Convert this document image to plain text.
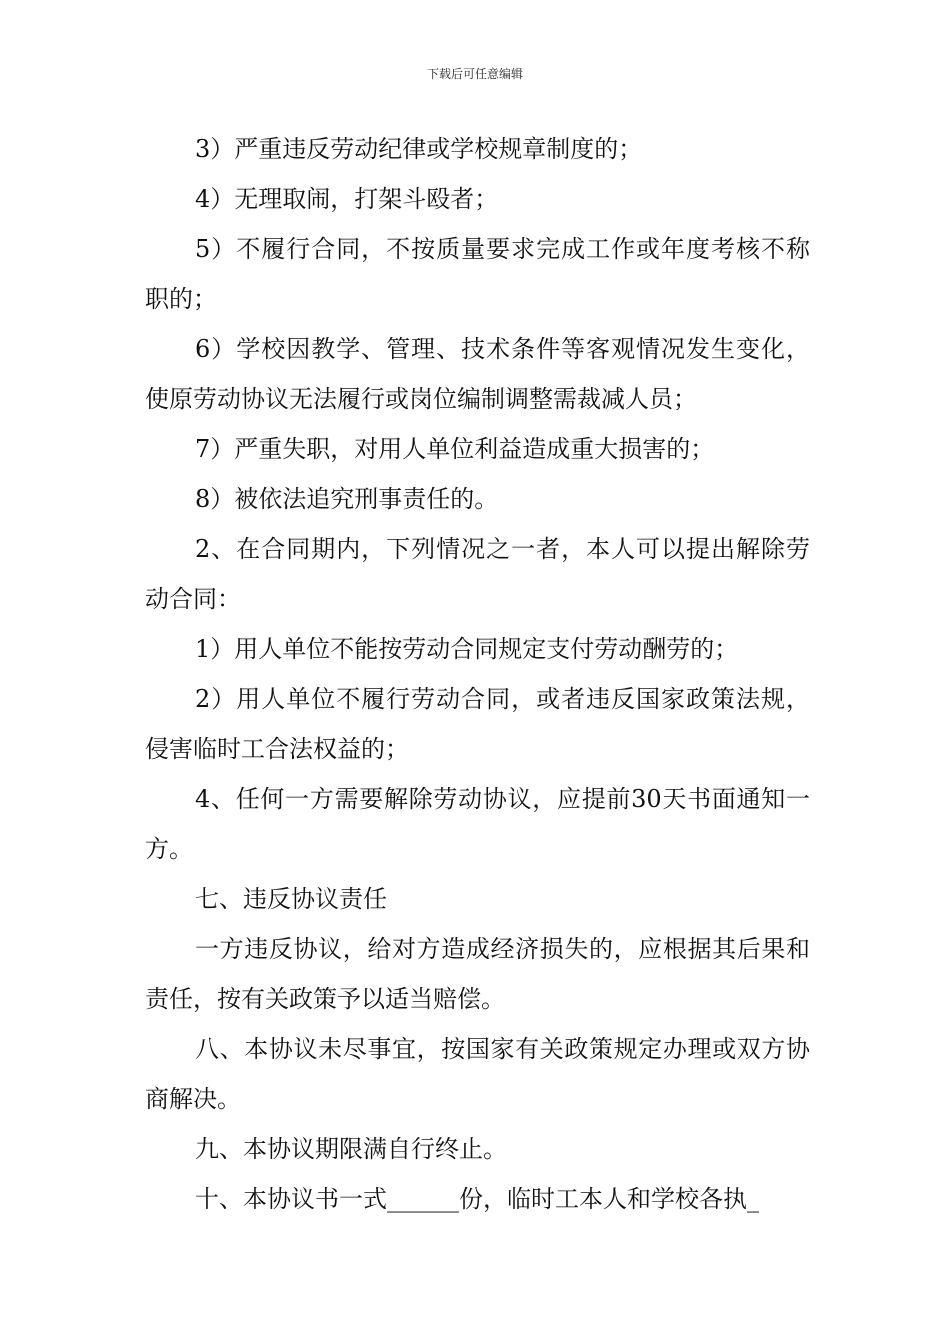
下载后可任意编辑

3）严重违反劳动纪律或学校规章制度的；

4）无理取闹，打架斗殴者；

5）不履行合同，不按质量要求完成工作或年度考核不称职的；

6）学校因教学、管理、技术条件等客观情况发生变化，使原劳动协议无法履行或岗位编制调整需裁减人员；

7）严重失职，对用人单位利益造成重大损害的；

8）被依法追究刑事责任的。

2、在合同期内，下列情况之一者，本人可以提出解除劳动合同：

1）用人单位不能按劳动合同规定支付劳动酬劳的；

2）用人单位不履行劳动合同，或者违反国家政策法规，侵害临时工合法权益的；

4、任何一方需要解除劳动协议，应提前30天书面通知一方。

七、违反协议责任

一方违反协议，给对方造成经济损失的，应根据其后果和责任，按有关政策予以适当赔偿。

八、本协议未尽事宜，按国家有关政策规定办理或双方协商解决。

九、本协议期限满自行终止。

十、本协议书一式______份，临时工本人和学校各执_
